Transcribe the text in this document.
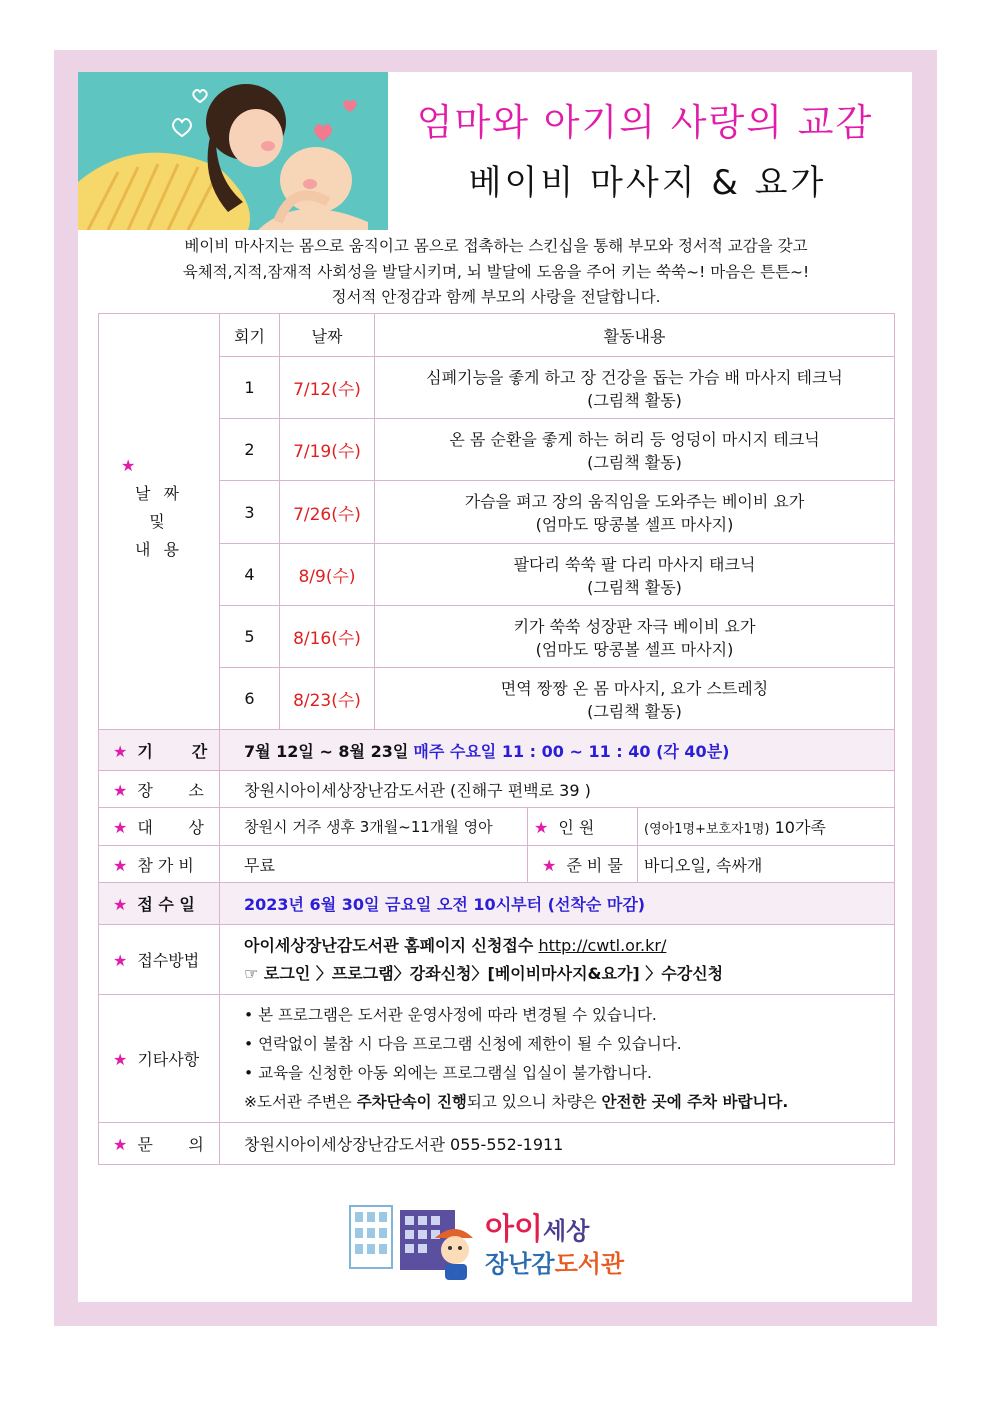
엄마와 아기의 사랑의 교감
베이비 마사지 & 요가
베이비 마사지는 몸으로 움직이고 몸으로 접촉하는 스킨십을 통해 부모와 정서적 교감을 갖고
육체적,지적,잠재적 사회성을 발달시키며, 뇌 발달에 도움을 주어 키는 쑥쑥~! 마음은 튼튼~!
정서적 안정감과 함께 부모의 사랑을 전달합니다.
★
날 짜
및
내 용	회기	날짜	활동내용		
	1	7/12(수)	심폐기능을 좋게 하고 장 건강을 돕는 가슴 배 마사지 테크닉
(그림책 활동)		

	2	7/19(수)	온 몸 순환을 좋게 하는 허리 등 엉덩이 마시지 테크닉
(그림책 활동)		

	3	7/26(수)	가슴을 펴고 장의 움직임을 도와주는 베이비 요가
(엄마도 땅콩볼 셀프 마사지)		

	4	8/9(수)	팔다리 쑥쑥 팔 다리 마사지 태크닉
(그림책 활동)		

	5	8/16(수)	키가 쑥쑥 성장판 자극 베이비 요가
(엄마도 땅콩볼 셀프 마사지)		

	6	8/23(수)	면역 짱짱 온 몸 마사지, 요가 스트레칭
(그림책 활동)		

★ 기       간	7월 12일 ~ 8월 23일 매주 수요일 11 : 00 ~ 11 : 40 (각 40분)				
★ 장       소	창원시아이세상장난감도서관 (진해구 편백로 39 )				
★ 대       상	창원시 거주 생후 3개월~11개월 영아			★ 인 원	(영아1명+보호자1명) 10가족
★ 참 가 비	무료			★ 준 비 물	바디오일, 속싸개
★ 접 수 일	2023년 6월 30일 금요일 오전 10시부터 (선착순 마감)				
★ 접수방법	아이세상장난감도서관 홈페이지 신청접수 http://cwtl.or.kr/
☞ 로그인 〉프로그램〉강좌신청〉[베이비마사지&요가] 〉수강신청				

★ 기타사항	• 본 프로그램은 도서관 운영사정에 따라 변경될 수 있습니다.
• 연락없이 불참 시 다음 프로그램 신청에 제한이 될 수 있습니다.
• 교육을 신청한 아동 외에는 프로그램실 입실이 불가합니다.
※도서관 주변은 주차단속이 진행되고 있으니 차량은 안전한 곳에 주차 바랍니다.				

★ 문       의	창원시아이세상장난감도서관 055-552-1911				
아이세상
장난감도서관
